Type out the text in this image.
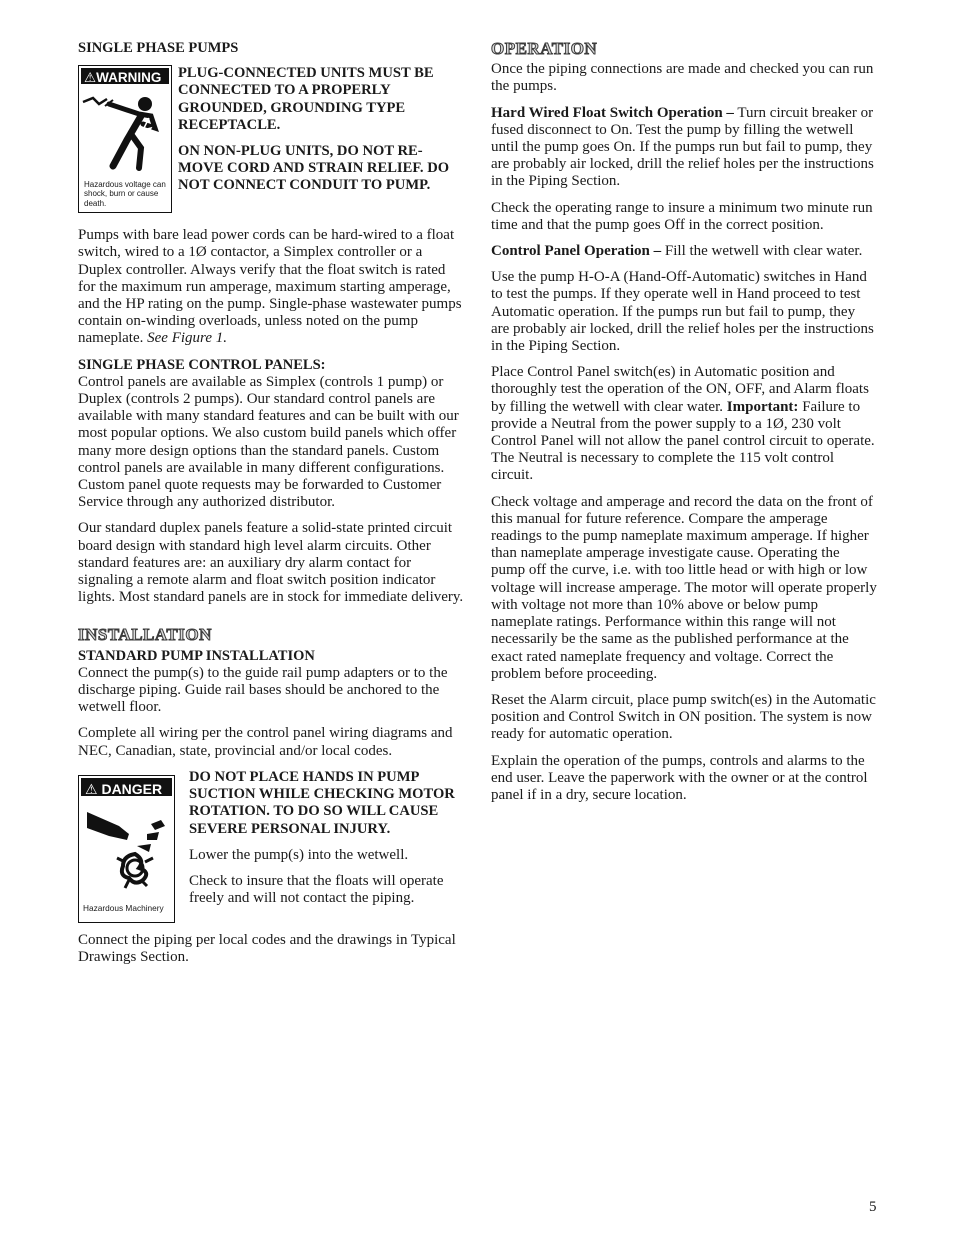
SINGLE PHASE PUMPS

⚠WARNING
Hazardous voltage can shock, burn or cause death.

PLUG-CONNECTED UNITS MUST BE CONNECTED TO A PROPERLY GROUNDED, GROUNDING TYPE RECEPTACLE.

ON NON-PLUG UNITS, DO NOT RE-MOVE CORD AND STRAIN RELIEF. DO NOT CONNECT CONDUIT TO PUMP.

Pumps with bare lead power cords can be hard-wired to a float switch, wired to a 1Ø contactor, a Simplex controller or a Duplex controller. Always verify that the float switch is rated for the maximum run amperage, maximum starting amperage, and the HP rating on the pump. Single-phase wastewater pumps contain on-winding overloads, unless noted on the pump nameplate. See Figure 1.

SINGLE PHASE CONTROL PANELS:
Control panels are available as Simplex (controls 1 pump) or Duplex (controls 2 pumps). Our standard control panels are available with many standard features and can be built with our most popular options. We also custom build panels which offer many more design options than the standard panels. Custom control panels are available in many different configurations. Custom panel quote requests may be forwarded to Customer Service through any authorized distributor.

Our standard duplex panels feature a solid-state printed circuit board design with standard high level alarm circuits. Other standard features are: an auxiliary dry alarm contact for signaling a remote alarm and float switch position indicator lights. Most standard panels are in stock for immediate delivery.

INSTALLATION

STANDARD PUMP INSTALLATION
Connect the pump(s) to the guide rail pump adapters or to the discharge piping. Guide rail bases should be anchored to the wetwell floor.

Complete all wiring per the control panel wiring diagrams and NEC, Canadian, state, provincial and/or local codes.

⚠ DANGER
Hazardous Machinery

DO NOT PLACE HANDS IN PUMP SUCTION WHILE CHECKING MOTOR ROTATION. TO DO SO WILL CAUSE SEVERE PERSONAL INJURY.

Lower the pump(s) into the wetwell.

Check to insure that the floats will operate freely and will not contact the piping.

Connect the piping per local codes and the drawings in Typical Drawings Section.

OPERATION

Once the piping connections are made and checked you can run the pumps.

Hard Wired Float Switch Operation – Turn circuit breaker or fused disconnect to On. Test the pump by filling the wetwell until the pump goes On. If the pumps run but fail to pump, they are probably air locked, drill the relief holes per the instructions in the Piping Section.

Check the operating range to insure a minimum two minute run time and that the pump goes Off in the correct position.

Control Panel Operation – Fill the wetwell with clear water.

Use the pump H-O-A (Hand-Off-Automatic) switches in Hand to test the pumps. If they operate well in Hand proceed to test Automatic operation. If the pumps run but fail to pump, they are probably air locked, drill the relief holes per the instructions in the Piping Section.

Place Control Panel switch(es) in Automatic position and thoroughly test the operation of the ON, OFF, and Alarm floats by filling the wetwell with clear water. Important: Failure to provide a Neutral from the power supply to a 1Ø, 230 volt Control Panel will not allow the panel control circuit to operate. The Neutral is necessary to complete the 115 volt control circuit.

Check voltage and amperage and record the data on the front of this manual for future reference. Compare the amperage readings to the pump nameplate maximum amperage. If higher than nameplate amperage investigate cause. Operating the pump off the curve, i.e. with too little head or with high or low voltage will increase amperage. The motor will operate properly with voltage not more than 10% above or below pump nameplate ratings. Performance within this range will not necessarily be the same as the published performance at the exact rated nameplate frequency and voltage. Correct the problem before proceeding.

Reset the Alarm circuit, place pump switch(es) in the Automatic position and Control Switch in ON position. The system is now ready for automatic operation.

Explain the operation of the pumps, controls and alarms to the end user. Leave the paperwork with the owner or at the control panel if in a dry, secure location.

5
